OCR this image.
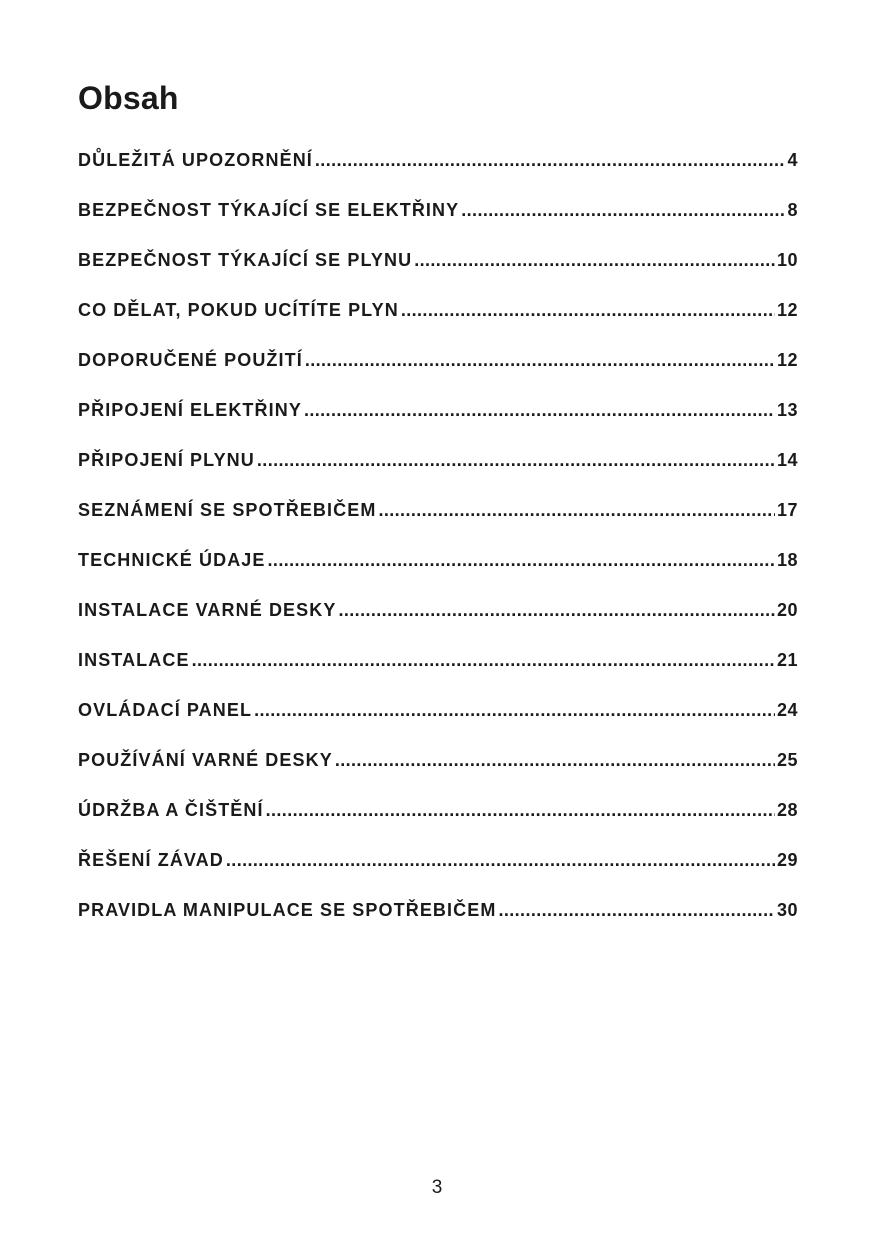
Obsah
DŮLEŽITÁ UPOZORNĚNÍ .....	4
BEZPEČNOST TÝKAJÍCÍ SE ELEKTŘINY .....	8
BEZPEČNOST TÝKAJÍCÍ SE PLYNU .....	10
CO DĚLAT, POKUD UCÍTÍTE PLYN .....	12
DOPORUČENÉ POUŽITÍ .....	12
PŘIPOJENÍ ELEKTŘINY .....	13
PŘIPOJENÍ PLYNU .....	14
SEZNÁMENÍ SE SPOTŘEBIČEM .....	17
TECHNICKÉ ÚDAJE .....	18
INSTALACE VARNÉ DESKY .....	20
INSTALACE .....	21
OVLÁDACÍ PANEL .....	24
POUŽÍVÁNÍ VARNÉ DESKY .....	25
ÚDRŽBA A ČIŠTĚNÍ .....	28
ŘEŠENÍ ZÁVAD .....	29
PRAVIDLA MANIPULACE SE SPOTŘEBIČEM .....	30
3
